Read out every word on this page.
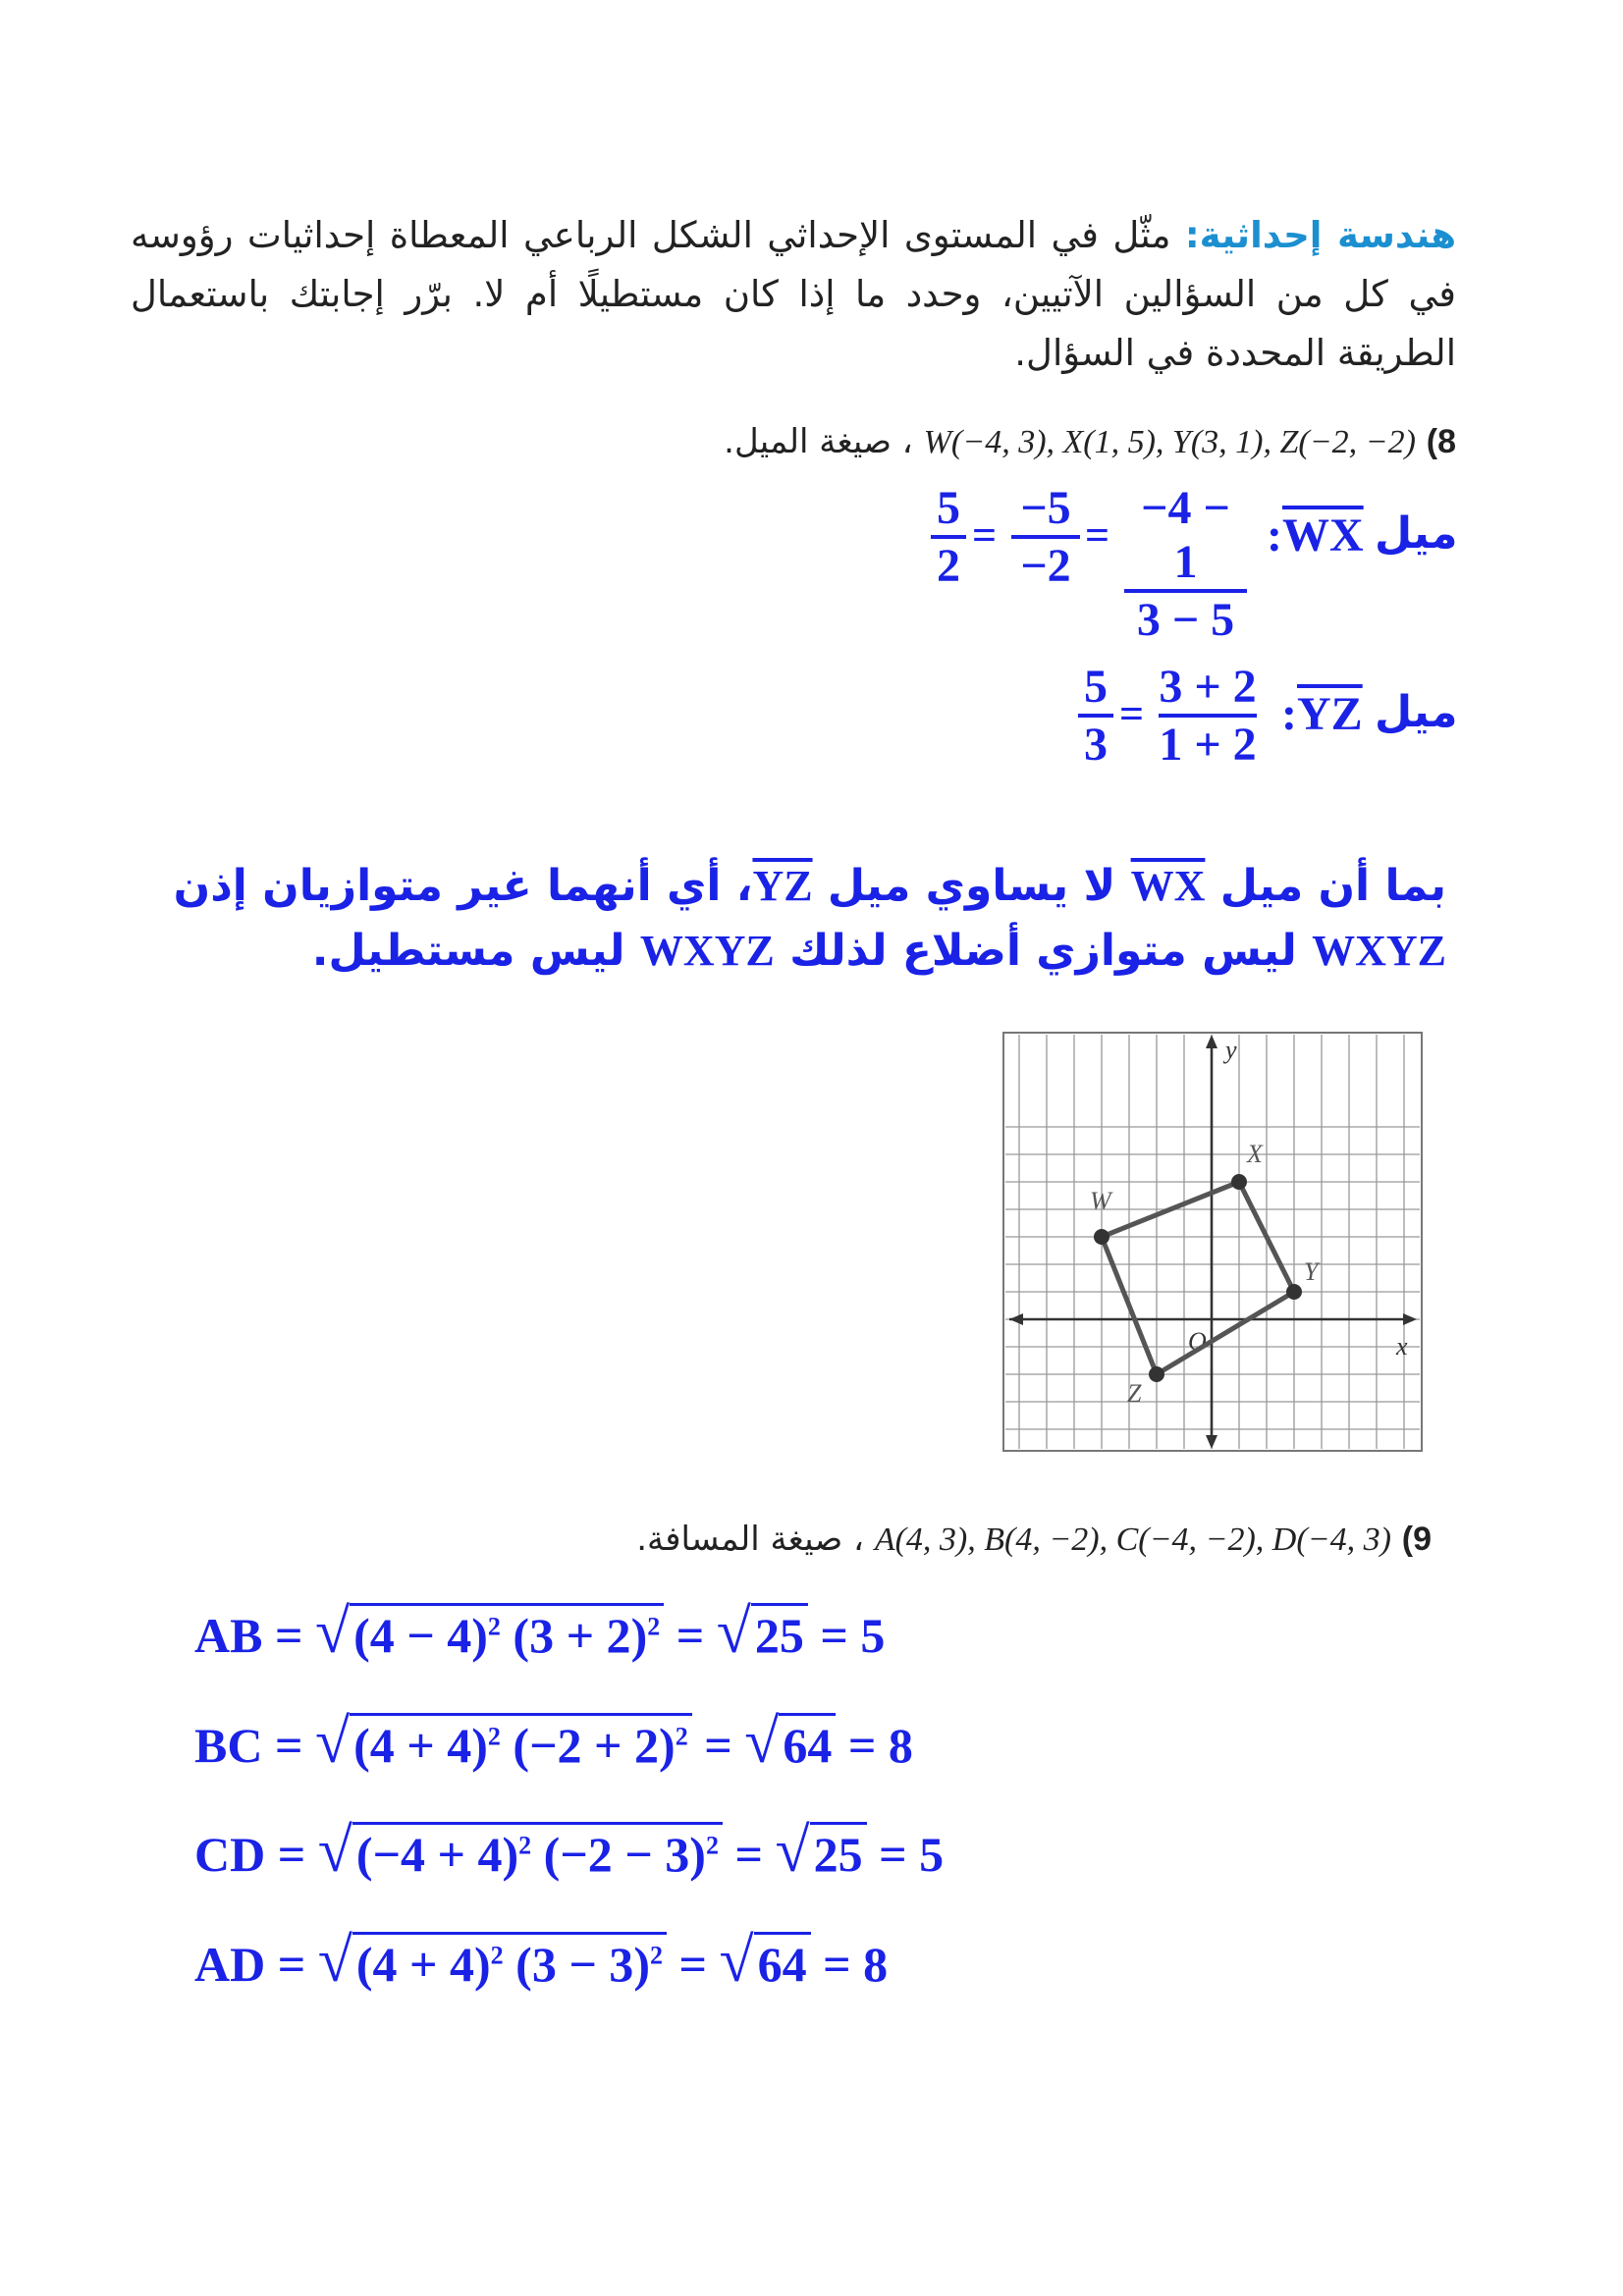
هندسة إحداثية: مثّل في المستوى الإحداثي الشكل الرباعي المعطاة إحداثيات رؤوسه في كل من السؤالين الآتيين، وحدد ما إذا كان مستطيلًا أم لا. برّر إجابتك باستعمال الطريقة المحددة في السؤال.
8) W(−4, 3), X(1, 5), Y(3, 1), Z(−2, −2) ، صيغة الميل.
ميل
$:\overline{WX}$
−4 − 1
3 − 5
=
−5
−2
=
5
2
ميل
$:\overline{YZ}$
3 + 2
1 + 2
=
5
3
بما أن ميل WX لا يساوي ميل YZ، أي أنهما غير متوازيان إذن WXYZ ليس متوازي أضلاع لذلك WXYZ ليس مستطيل.
x
y
O
W
X
Y
Z
9) A(4, 3), B(4, −2), C(−4, −2), D(−4, 3) ، صيغة المسافة.
AB = $√(4 - 4)^2$ $(3 + 2)^2 = √25 = 5$
BC = $√(4 + 4)^2$ $(-2 + 2)^2 = √64 = 8$
CD = $√(-4 + 4)^2$ $(-2 - 3)^2 = √25 = 5$
AD = $√(4 + 4)^2$ $(3 - 3)^2 = √64 = 8$
